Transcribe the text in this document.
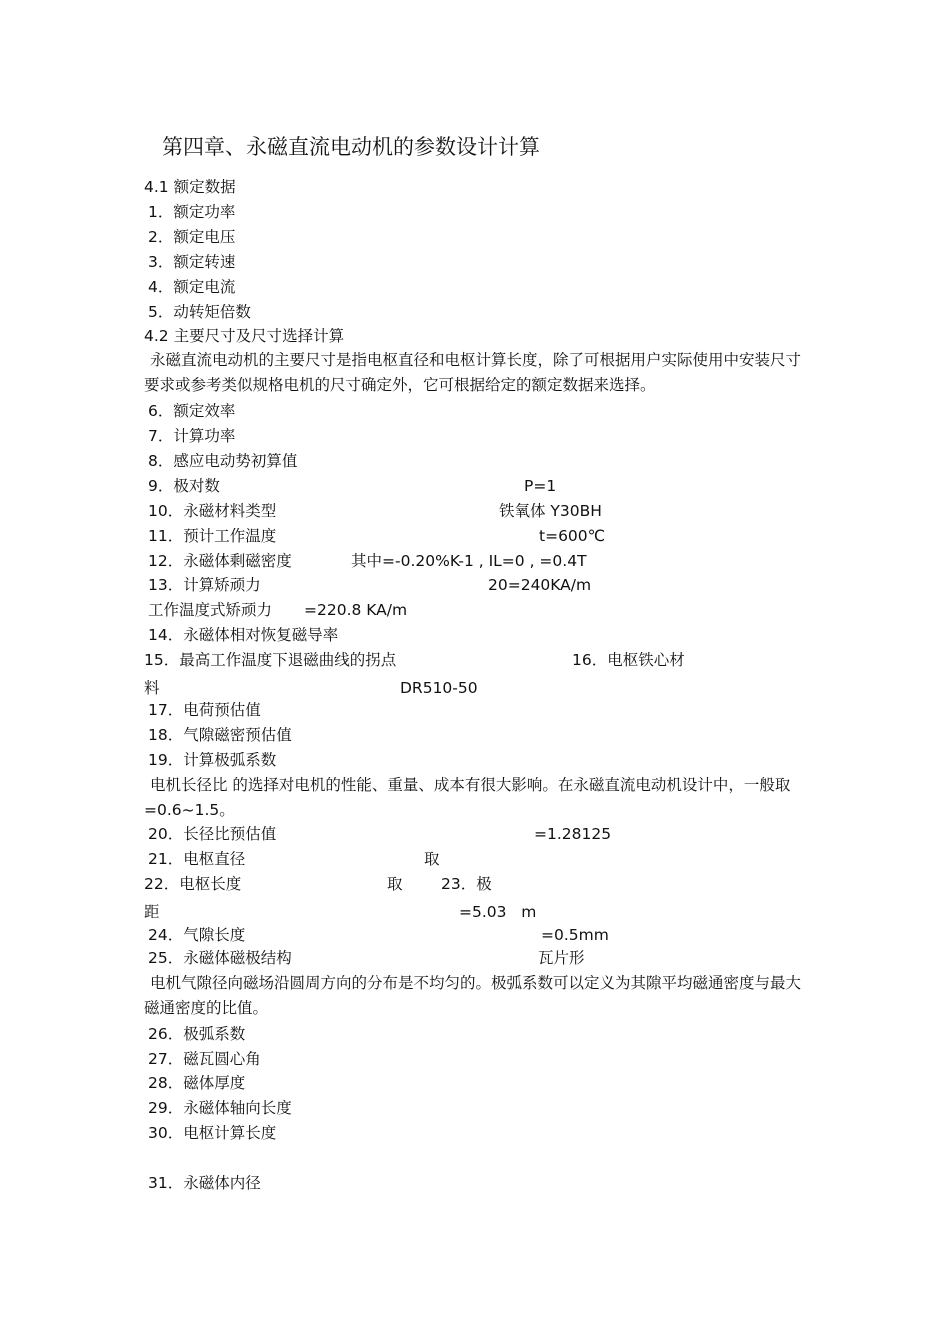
第四章、永磁直流电动机的参数设计计算
4.1 额定数据
1．额定功率
2．额定电压
3．额定转速
4．额定电流
5．动转矩倍数
4.2 主要尺寸及尺寸选择计算
永磁直流电动机的主要尺寸是指电枢直径和电枢计算长度，除了可根据用户实际使用中安装尺寸要求或参考类似规格电机的尺寸确定外，它可根据给定的额定数据来选择。
6．额定效率
7．计算功率
8．感应电动势初算值
9．极对数	P=1
10．永磁材料类型	铁氧体 Y30BH
11．预计工作温度	t=600℃
12．永磁体剩磁密度	其中=-0.20%K-1 , IL=0 , =0.4T
13．计算矫顽力	20=240KA/m
工作温度式矫顽力 =220.8 KA/m
14．永磁体相对恢复磁导率
15．最高工作温度下退磁曲线的拐点	16．电枢铁心材
料	DR510-50
17．电荷预估值
18．气隙磁密预估值
19．计算极弧系数
电机长径比 的选择对电机的性能、重量、成本有很大影响。在永磁直流电动机设计中，一般取 =0.6~1.5。
20．长径比预估值	=1.28125
21．电枢直径	取
22．电枢长度	取 23．极
距	=5.03   m
24．气隙长度	=0.5mm
25．永磁体磁极结构	瓦片形
电机气隙径向磁场沿圆周方向的分布是不均匀的。极弧系数可以定义为其隙平均磁通密度与最大磁通密度的比值。
26．极弧系数
27．磁瓦圆心角
28．磁体厚度
29．永磁体轴向长度
30．电枢计算长度
31．永磁体内径
